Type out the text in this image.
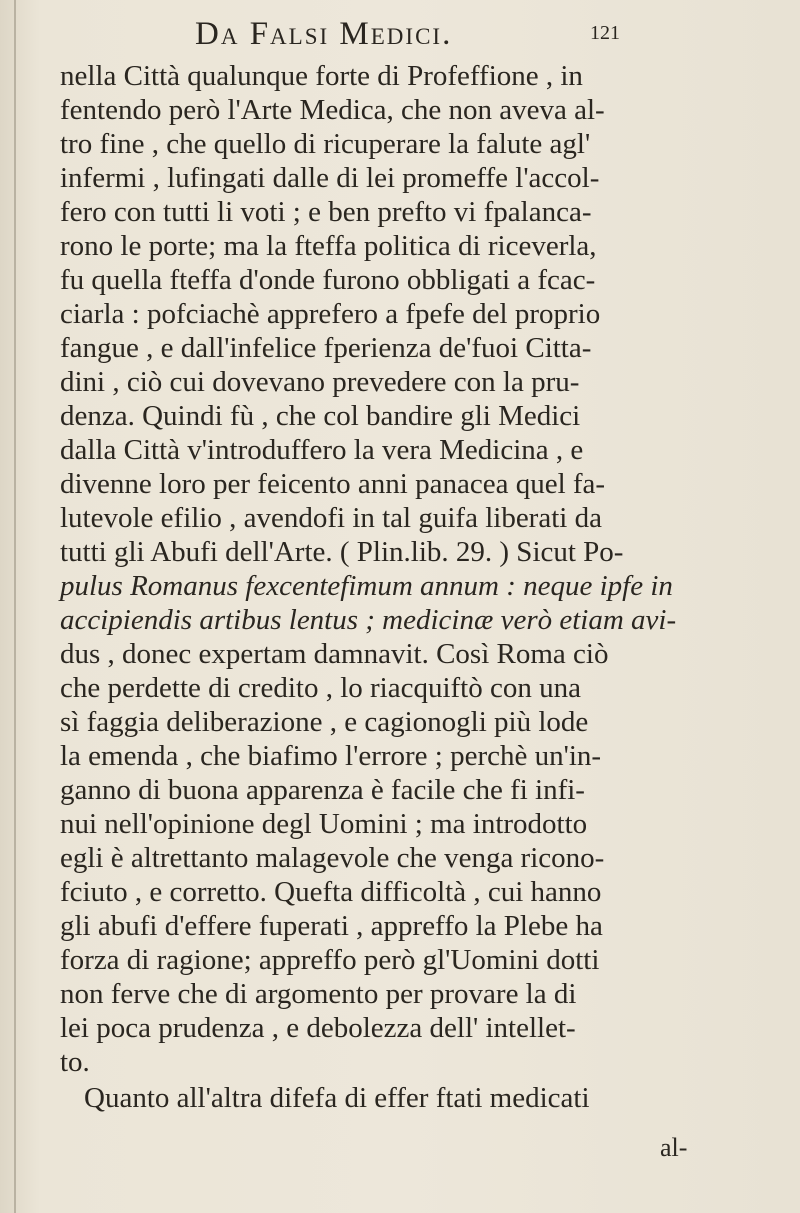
Da Falsi Medici.	121
nella Città qualunque forte di Profeffione , in
fentendo però l'Arte Medica, che non aveva al-
tro fine , che quello di ricuperare la falute agl'
infermi , lufingati dalle di lei promeffe l'accol-
fero con tutti li voti ; e ben prefto vi fpalanca-
rono le porte; ma la fteffa politica di riceverla,
fu quella fteffa d'onde furono obbligati a fcac-
ciarla : pofciachè apprefero a fpefe del proprio
fangue , e dall'infelice fperienza de'fuoi Citta-
dini , ciò cui dovevano prevedere con la pru-
denza. Quindi fù , che col bandire gli Medici
dalla Città v'introduffero la vera Medicina , e
divenne loro per feicento anni panacea quel fa-
lutevole efilio , avendofi in tal guifa liberati da
tutti gli Abufi dell'Arte. ( Plin.lib. 29. ) Sicut Po-
pulus Romanus fexcentefimum annum : neque ipfe in
accipiendis artibus lentus ; medicinæ verò etiam avi-
dus , donec expertam damnavit. Così Roma ciò
che perdette di credito , lo riacquiftò con una
sì faggia deliberazione , e cagionogli più lode
la emenda , che biafimo l'errore ; perchè un'in-
ganno di buona apparenza è facile che fi infi-
nui nell'opinione degl Uomini ; ma introdotto
egli è altrettanto malagevole che venga ricono-
fciuto , e corretto. Quefta difficoltà , cui hanno
gli abufi d'effere fuperati , appreffo la Plebe ha
forza di ragione; appreffo però gl'Uomini dotti
non ferve che di argomento per provare la di
lei poca prudenza , e debolezza dell' intellet-
to.
Quanto all'altra difefa di effer ftati medicati
al-
